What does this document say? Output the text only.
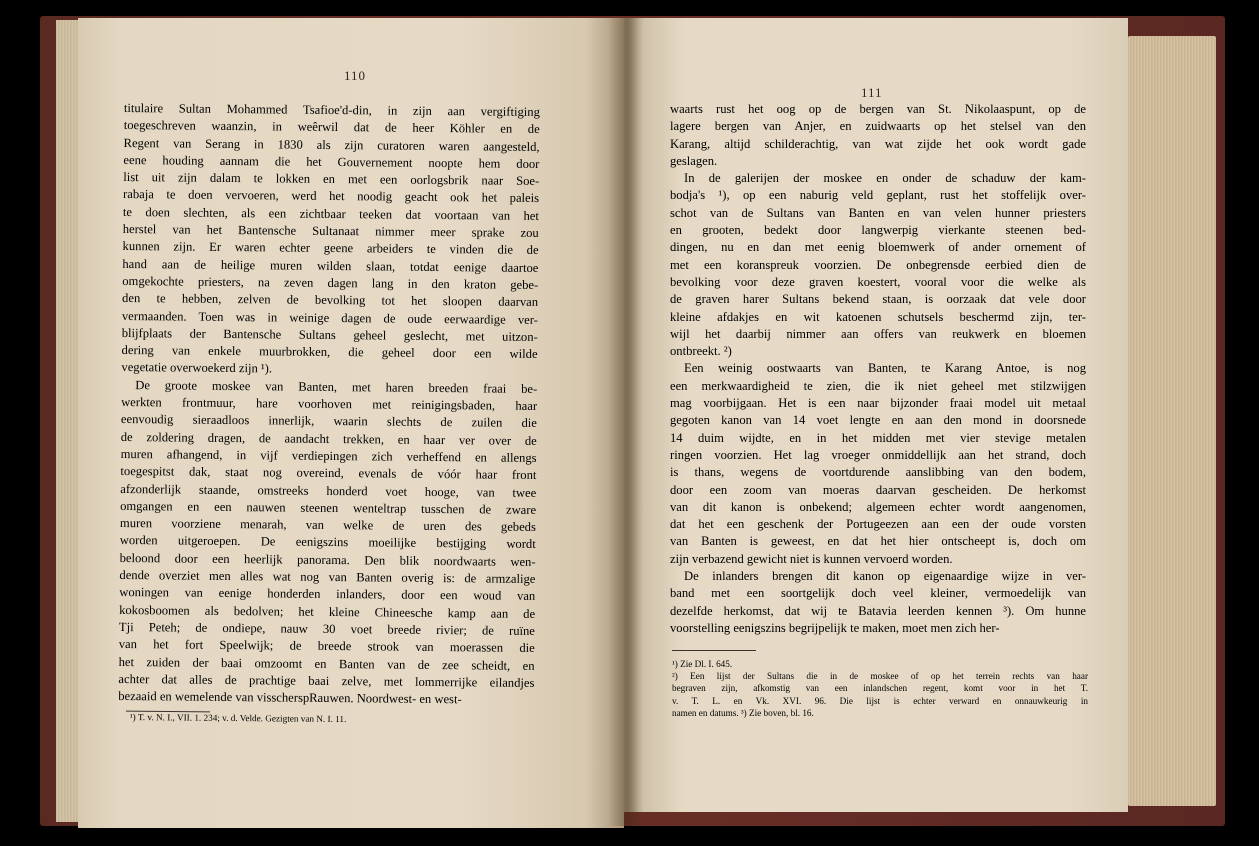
110
111
titulaire Sultan Mohammed Tsafioe'd-din, in zijn aan vergiftiging
toegeschreven waanzin, in weêrwil dat de heer Köhler en de
Regent van Serang in 1830 als zijn curatoren waren aangesteld,
eene houding aannam die het Gouvernement noopte hem door
list uit zijn dalam te lokken en met een oorlogsbrik naar Soe-
rabaja te doen vervoeren, werd het noodig geacht ook het paleis
te doen slechten, als een zichtbaar teeken dat voortaan van het
herstel van het Bantensche Sultanaat nimmer meer sprake zou
kunnen zijn. Er waren echter geene arbeiders te vinden die de
hand aan de heilige muren wilden slaan, totdat eenige daartoe
omgekochte priesters, na zeven dagen lang in den kraton gebe-
den te hebben, zelven de bevolking tot het sloopen daarvan
vermaanden. Toen was in weinige dagen de oude eerwaardige ver-
blijfplaats der Bantensche Sultans geheel geslecht, met uitzon-
dering van enkele muurbrokken, die geheel door een wilde
vegetatie overwoekerd zijn ¹).
De groote moskee van Banten, met haren breeden fraai be-
werkten frontmuur, hare voorhoven met reinigingsbaden, haar
eenvoudig sieraadloos innerlijk, waarin slechts de zuilen die
de zoldering dragen, de aandacht trekken, en haar ver over de
muren afhangend, in vijf verdiepingen zich verheffend en allengs
toegespitst dak, staat nog overeind, evenals de vóór haar front
afzonderlijk staande, omstreeks honderd voet hooge, van twee
omgangen en een nauwen steenen wenteltrap tusschen de zware
muren voorziene menarah, van welke de uren des gebeds
worden uitgeroepen. De eenigszins moeilijke bestijging wordt
beloond door een heerlijk panorama. Den blik noordwaarts wen-
dende overziet men alles wat nog van Banten overig is: de armzalige
woningen van eenige honderden inlanders, door een woud van
kokosboomen als bedolven; het kleine Chineesche kamp aan de
Tji Peteh; de ondiepe, nauw 30 voet breede rivier; de ruïne
van het fort Speelwijk; de breede strook van moerassen die
het zuiden der baai omzoomt en Banten van de zee scheidt, en
achter dat alles de prachtige baai zelve, met lommerrijke eilandjes
bezaaid en wemelende van visscherspRauwen. Noordwest- en west-
waarts rust het oog op de bergen van St. Nikolaaspunt, op de
lagere bergen van Anjer, en zuidwaarts op het stelsel van den
Karang, altijd schilderachtig, van wat zijde het ook wordt gade
geslagen.
In de galerijen der moskee en onder de schaduw der kam-
bodja's ¹), op een naburig veld geplant, rust het stoffelijk over-
schot van de Sultans van Banten en van velen hunner priesters
en grooten, bedekt door langwerpig vierkante steenen bed-
dingen, nu en dan met eenig bloemwerk of ander ornement of
met een koranspreuk voorzien. De onbegrensde eerbied dien de
bevolking voor deze graven koestert, vooral voor die welke als
de graven harer Sultans bekend staan, is oorzaak dat vele door
kleine afdakjes en wit katoenen schutsels beschermd zijn, ter-
wijl het daarbij nimmer aan offers van reukwerk en bloemen
ontbreekt. ²)
Een weinig oostwaarts van Banten, te Karang Antoe, is nog
een merkwaardigheid te zien, die ik niet geheel met stilzwijgen
mag voorbijgaan. Het is een naar bijzonder fraai model uit metaal
gegoten kanon van 14 voet lengte en aan den mond in doorsnede
14 duim wijdte, en in het midden met vier stevige metalen
ringen voorzien. Het lag vroeger onmiddellijk aan het strand, doch
is thans, wegens de voortdurende aanslibbing van den bodem,
door een zoom van moeras daarvan gescheiden. De herkomst
van dit kanon is onbekend; algemeen echter wordt aangenomen,
dat het een geschenk der Portugeezen aan een der oude vorsten
van Banten is geweest, en dat het hier ontscheept is, doch om
zijn verbazend gewicht niet is kunnen vervoerd worden.
De inlanders brengen dit kanon op eigenaardige wijze in ver-
band met een soortgelijk doch veel kleiner, vermoedelijk van
dezelfde herkomst, dat wij te Batavia leerden kennen ³). Om hunne
voorstelling eenigszins begrijpelijk te maken, moet men zich her-
¹) T. v. N. I., VII. 1. 234; v. d. Velde. Gezigten van N. I. 11.
¹) Zie Dl. I. 645.
²) Een lijst der Sultans die in de moskee of op het terrein rechts van haar
begraven zijn, afkomstig van een inlandschen regent, komt voor in het T.
v. T. L. en Vk. XVI. 96. Die lijst is echter verward en onnauwkeurig in
namen en datums. ³) Zie boven, bl. 16.
